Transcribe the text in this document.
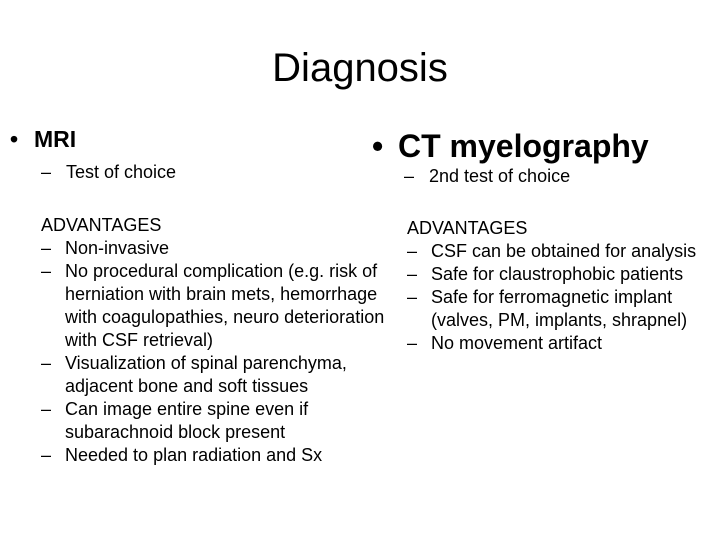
Diagnosis
• MRI
– Test of choice
ADVANTAGES
– Non-invasive
– No procedural complication (e.g. risk of herniation with brain mets, hemorrhage with coagulopathies, neuro deterioration with CSF retrieval)
– Visualization of spinal parenchyma, adjacent bone and soft tissues
– Can image entire spine even if subarachnoid block present
– Needed to plan radiation and Sx
• CT myelography
– 2nd test of choice
ADVANTAGES
– CSF can be obtained for analysis
– Safe for claustrophobic patients
– Safe for ferromagnetic implant (valves, PM, implants, shrapnel)
– No movement artifact
